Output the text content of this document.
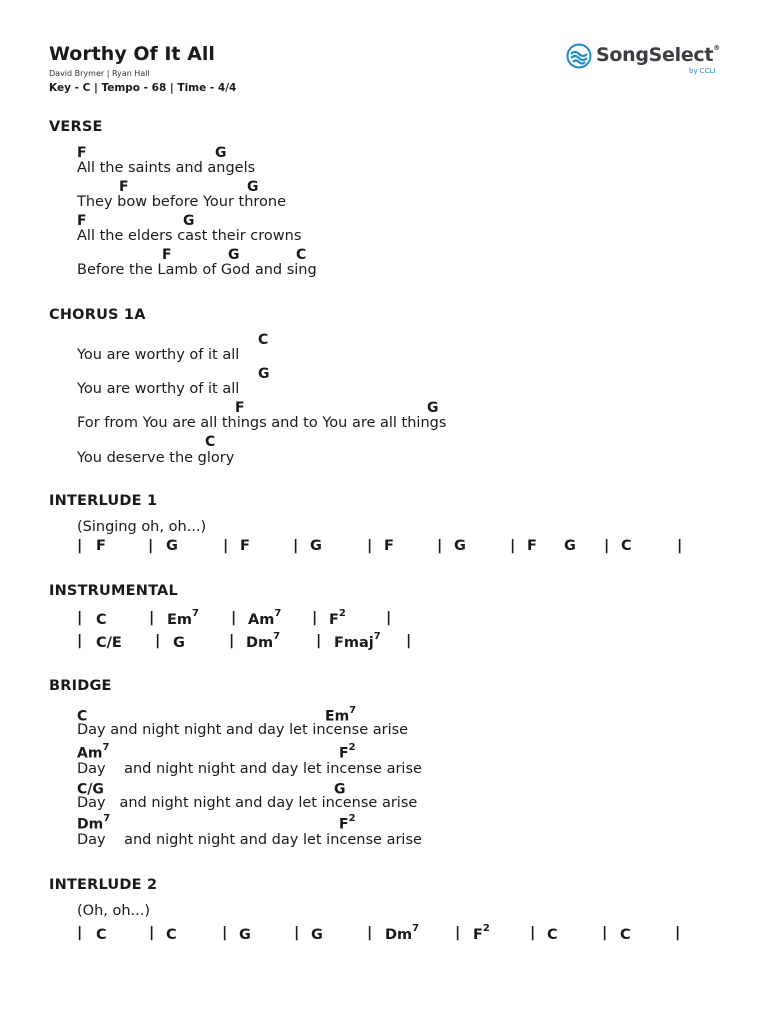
Worthy Of It All
David Brymer | Ryan Hall
Key - C | Tempo - 68 | Time - 4/4

SongSelect®

by CCLI

VERSE
F	G
All the saints and angels
F	G
They bow before Your throne
F	G
All the elders cast their crowns
F	G	C
Before the Lamb of God and sing
CHORUS 1A
You are worthy of it all
C
G
You are worthy of it all
F	G
For from You are all things and to You are all things
C
You deserve the glory
INTERLUDE 1
(Singing oh, oh...)
| F	| G	| F	| G	| F	| G	| F G | C	|
INSTRUMENTAL
| C	| Em$^7$ | Am$^7$ | $F^2$	|
| C/E | G	| Dm$^7$ | Fmaj$^7$ |
BRIDGE
C	Em$^7$
Day and night night and day let incense arise
Am$^7$	$F^2$
Day    and night night and day let incense arise
C/G	G
Day   and night night and day let incense arise
Dm$^7$	$F^2$
Day    and night night and day let incense arise
INTERLUDE 2
(Oh, oh...)
| C	| C	| G	| G	| Dm$^7$ | $F^2$	| C	| C	|
